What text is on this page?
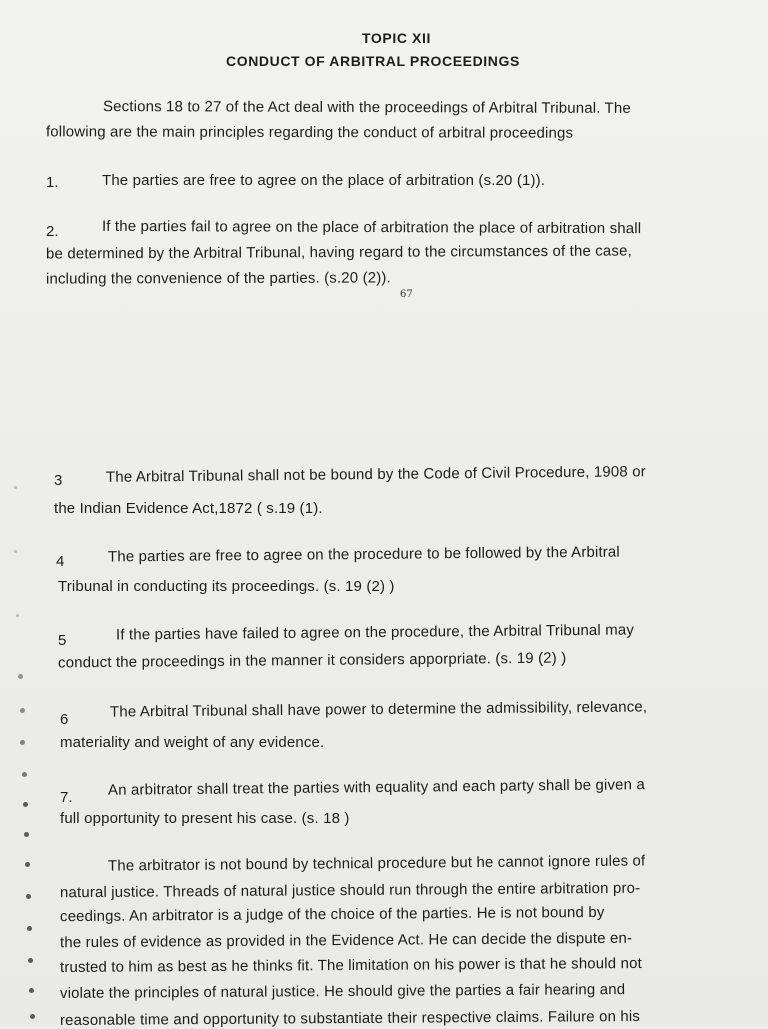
TOPIC XII
CONDUCT OF ARBITRAL PROCEEDINGS
Sections 18 to 27 of the Act deal with the proceedings of Arbitral Tribunal. The
following are the main principles regarding the conduct of arbitral proceedings
1.	The parties are free to agree on the place of arbitration (s.20 (1)).
2.	If the parties fail to agree on the place of arbitration the place of arbitration shall
be determined by the Arbitral Tribunal, having regard to the circumstances of the case,
including the convenience of the parties. (s.20 (2)).
67
3	The Arbitral Tribunal shall not be bound by the Code of Civil Procedure, 1908 or
the Indian Evidence Act,1872 ( s.19 (1).
4	The parties are free to agree on the procedure to be followed by the Arbitral
Tribunal in conducting its proceedings. (s. 19 (2) )
5	If the parties have failed to agree on the procedure, the Arbitral Tribunal may
conduct the proceedings in the manner it considers apporpriate. (s. 19 (2) )
6	The Arbitral Tribunal shall have power to determine the admissibility, relevance,
materiality and weight of any evidence.
7. An arbitrator shall treat the parties with equality and each party shall be given a
full opportunity to present his case. (s. 18 )
The arbitrator is not bound by technical procedure but he cannot ignore rules of
natural justice. Threads of natural justice should run through the entire arbitration pro-
ceedings. An arbitrator is a judge of the choice of the parties. He is not bound by
the rules of evidence as provided in the Evidence Act. He can decide the dispute en-
trusted to him as best as he thinks fit. The limitation on his power is that he should not
violate the principles of natural justice. He should give the parties a fair hearing and
reasonable time and opportunity to substantiate their respective claims. Failure on his
